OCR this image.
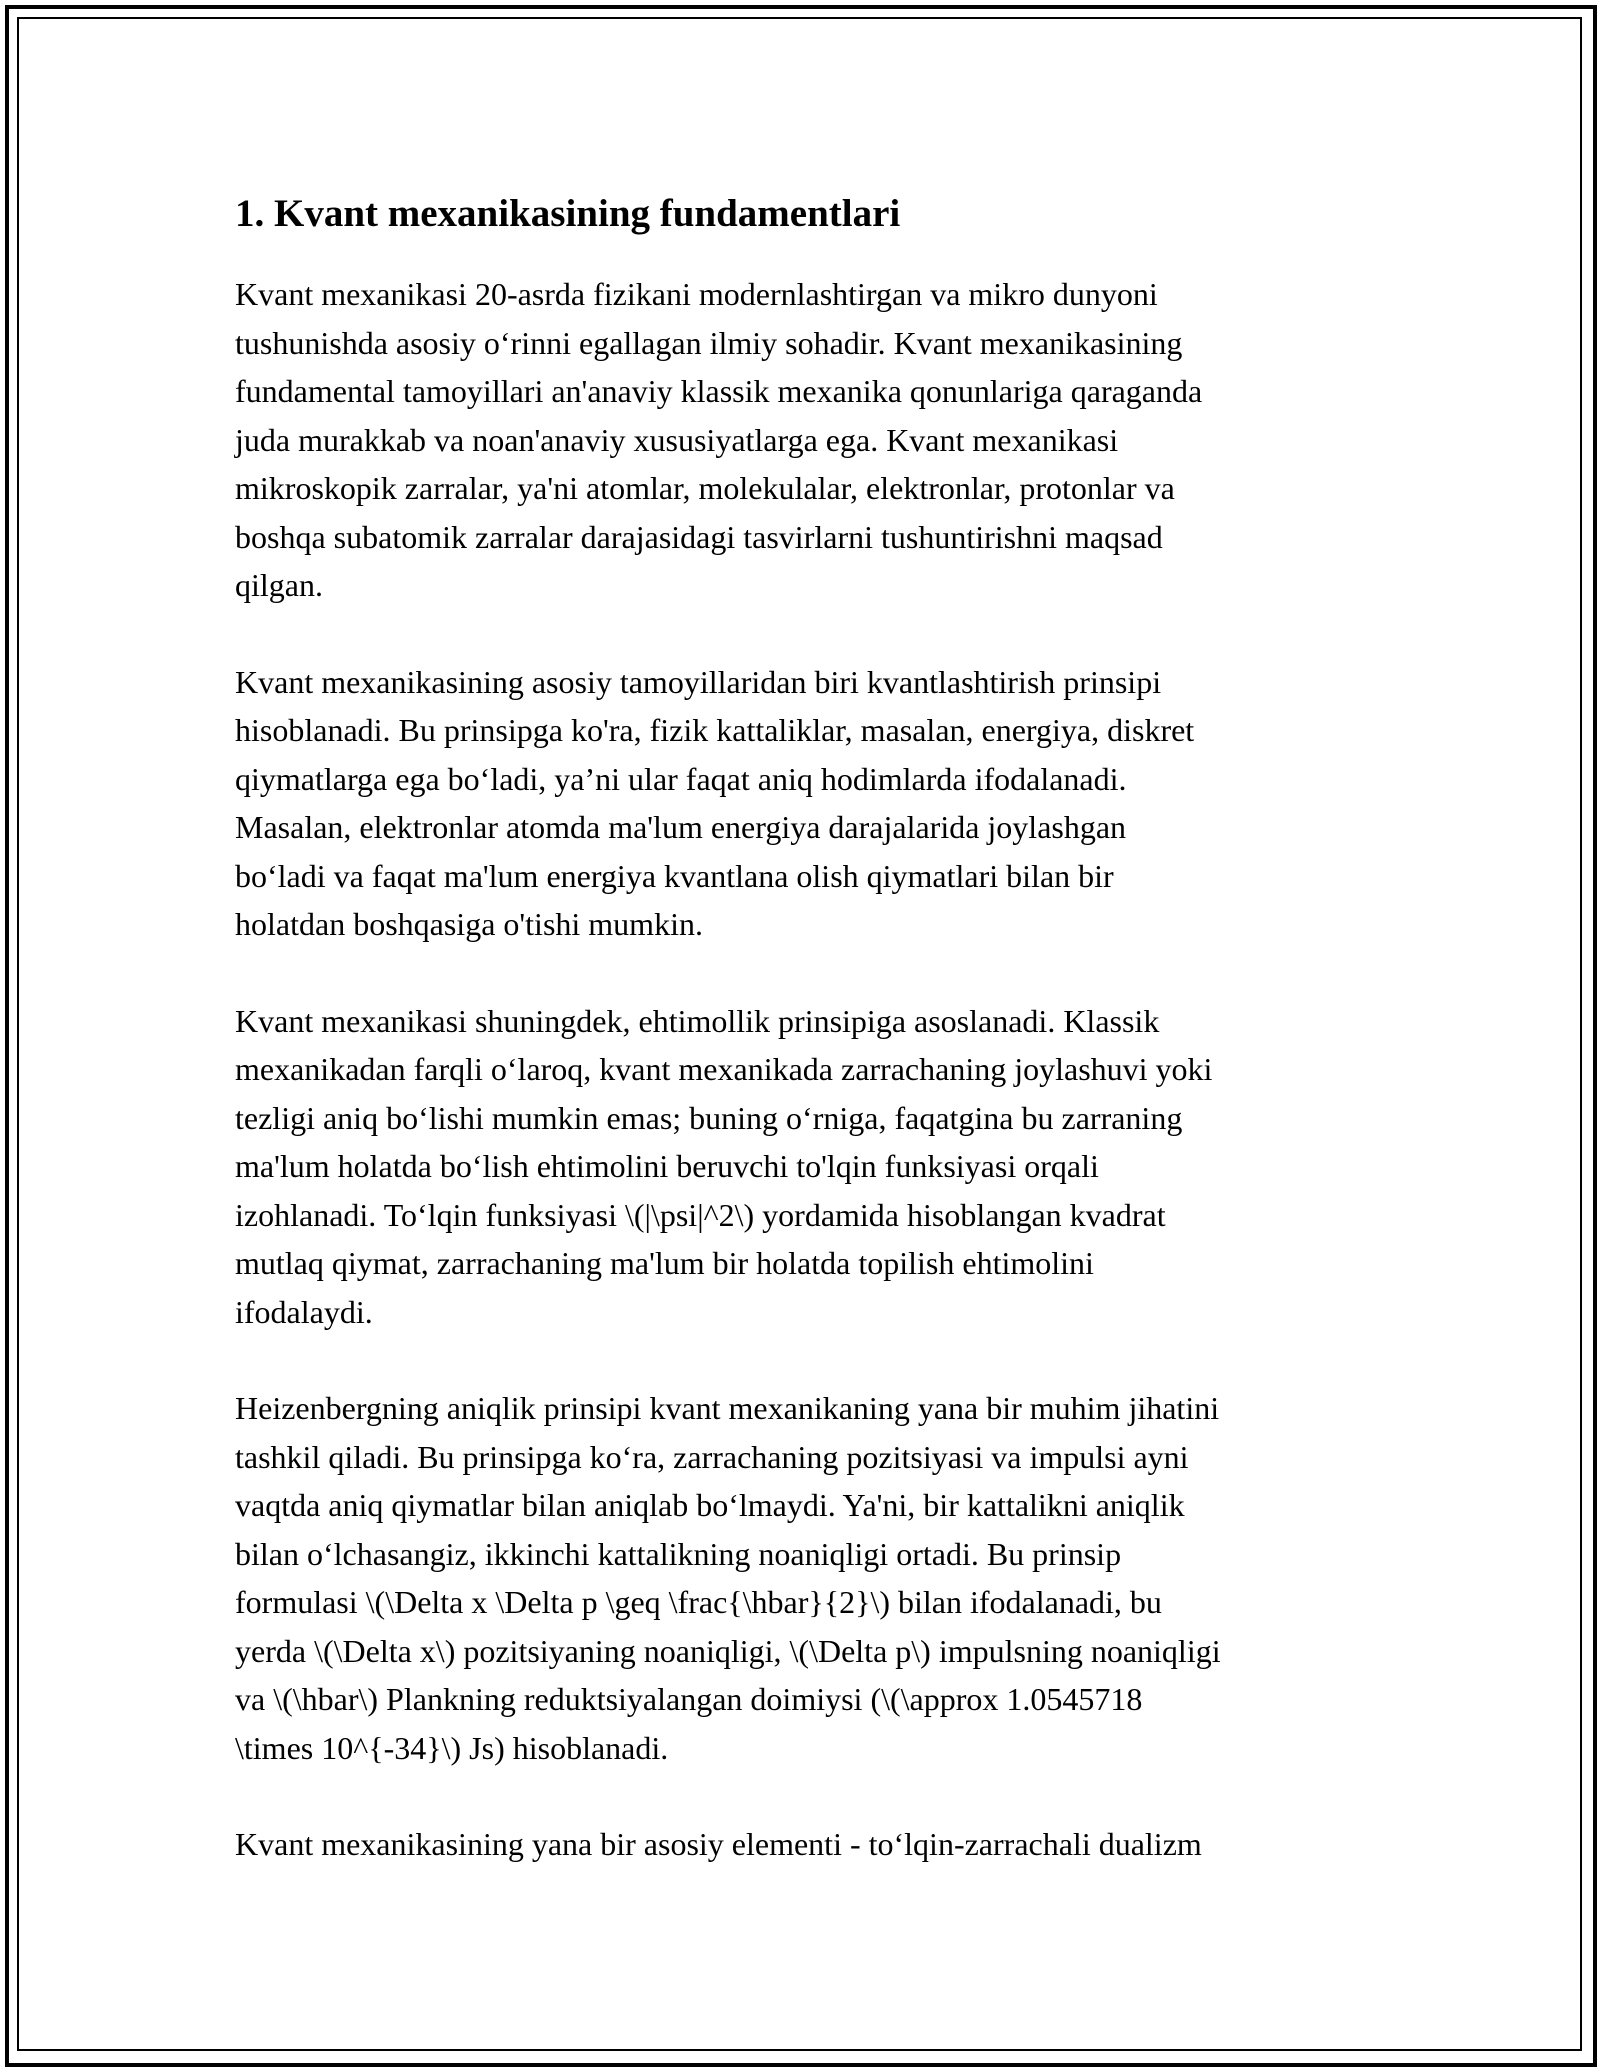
1. Kvant mexanikasining fundamentlari

Kvant mexanikasi 20-asrda fizikani modernlashtirgan va mikro dunyoni
tushunishda asosiy o‘rinni egallagan ilmiy sohadir. Kvant mexanikasining
fundamental tamoyillari an'anaviy klassik mexanika qonunlariga qaraganda
juda murakkab va noan'anaviy xususiyatlarga ega. Kvant mexanikasi
mikroskopik zarralar, ya'ni atomlar, molekulalar, elektronlar, protonlar va
boshqa subatomik zarralar darajasidagi tasvirlarni tushuntirishni maqsad
qilgan.

Kvant mexanikasining asosiy tamoyillaridan biri kvantlashtirish prinsipi
hisoblanadi. Bu prinsipga ko'ra, fizik kattaliklar, masalan, energiya, diskret
qiymatlarga ega bo‘ladi, ya’ni ular faqat aniq hodimlarda ifodalanadi.
Masalan, elektronlar atomda ma'lum energiya darajalarida joylashgan
bo‘ladi va faqat ma'lum energiya kvantlana olish qiymatlari bilan bir
holatdan boshqasiga o'tishi mumkin.

Kvant mexanikasi shuningdek, ehtimollik prinsipiga asoslanadi. Klassik
mexanikadan farqli o‘laroq, kvant mexanikada zarrachaning joylashuvi yoki
tezligi aniq bo‘lishi mumkin emas; buning o‘rniga, faqatgina bu zarraning
ma'lum holatda bo‘lish ehtimolini beruvchi to'lqin funksiyasi orqali
izohlanadi. To‘lqin funksiyasi \(|\psi|^2\) yordamida hisoblangan kvadrat
mutlaq qiymat, zarrachaning ma'lum bir holatda topilish ehtimolini
ifodalaydi.

Heizenbergning aniqlik prinsipi kvant mexanikaning yana bir muhim jihatini
tashkil qiladi. Bu prinsipga ko‘ra, zarrachaning pozitsiyasi va impulsi ayni
vaqtda aniq qiymatlar bilan aniqlab bo‘lmaydi. Ya'ni, bir kattalikni aniqlik
bilan o‘lchasangiz, ikkinchi kattalikning noaniqligi ortadi. Bu prinsip
formulasi \(\Delta x \Delta p \geq \frac{\hbar}{2}\) bilan ifodalanadi, bu
yerda \(\Delta x\) pozitsiyaning noaniqligi, \(\Delta p\) impulsning noaniqligi
va \(\hbar\) Plankning reduktsiyalangan doimiysi (\(\approx 1.0545718
\times 10^{-34}\) Js) hisoblanadi.

Kvant mexanikasining yana bir asosiy elementi - to‘lqin-zarrachali dualizm
